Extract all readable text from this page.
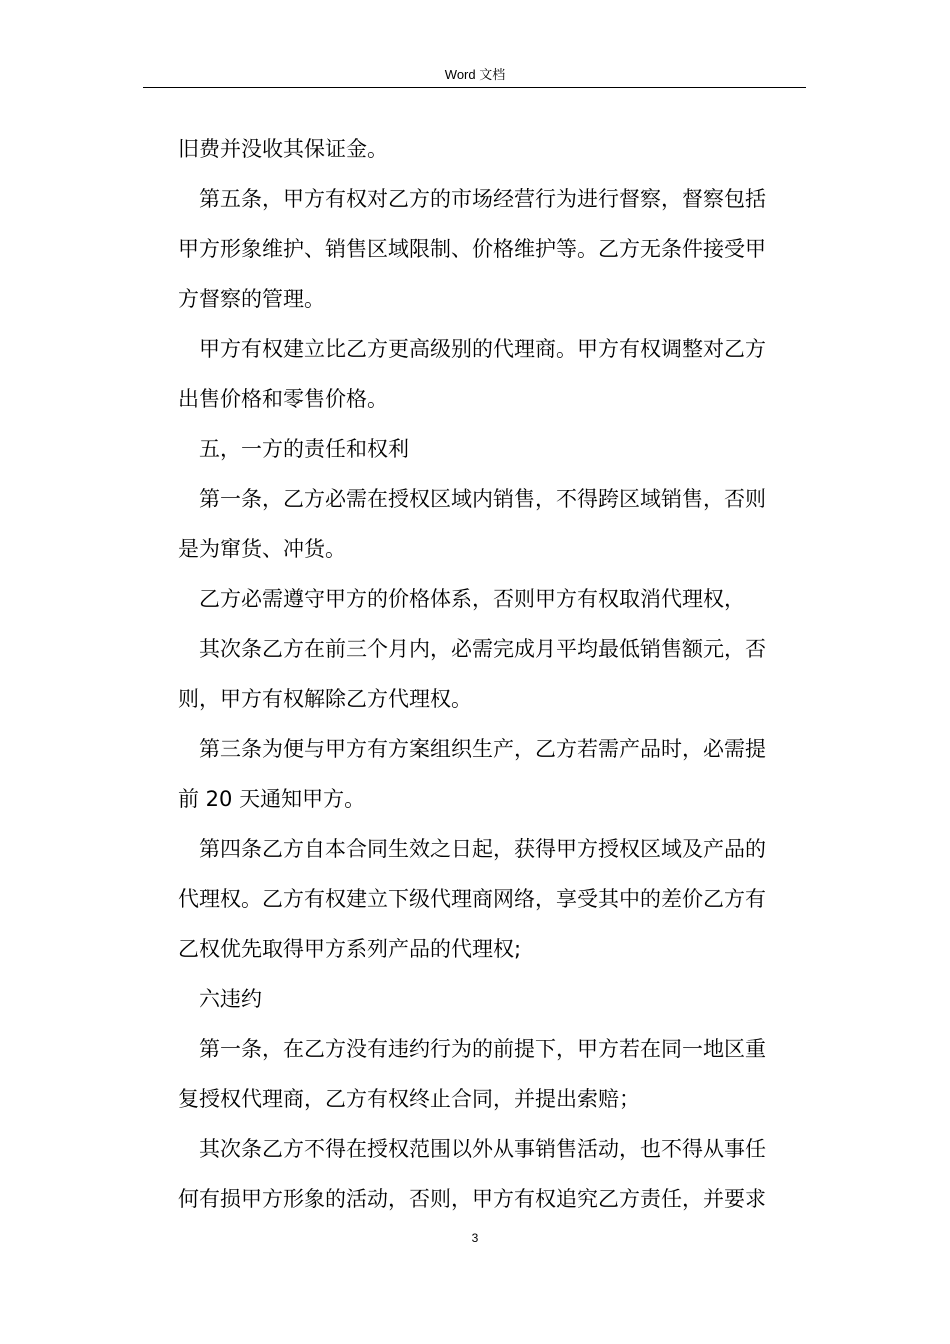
Word 文档
旧费并没收其保证金。
第五条，甲方有权对乙方的市场经营行为进行督察，督察包括
甲方形象维护、销售区域限制、价格维护等。乙方无条件接受甲
方督察的管理。
甲方有权建立比乙方更高级别的代理商。甲方有权调整对乙方
出售价格和零售价格。
五，一方的责任和权利
第一条，乙方必需在授权区域内销售，不得跨区域销售，否则
是为窜货、冲货。
乙方必需遵守甲方的价格体系，否则甲方有权取消代理权，
其次条乙方在前三个月内，必需完成月平均最低销售额元，否
则，甲方有权解除乙方代理权。
第三条为便与甲方有方案组织生产，乙方若需产品时，必需提
前 20 天通知甲方。
第四条乙方自本合同生效之日起，获得甲方授权区域及产品的
代理权。乙方有权建立下级代理商网络，享受其中的差价乙方有
乙权优先取得甲方系列产品的代理权;
六违约
第一条，在乙方没有违约行为的前提下，甲方若在同一地区重
复授权代理商，乙方有权终止合同，并提出索赔；
其次条乙方不得在授权范围以外从事销售活动，也不得从事任
何有损甲方形象的活动，否则，甲方有权追究乙方责任，并要求
3
